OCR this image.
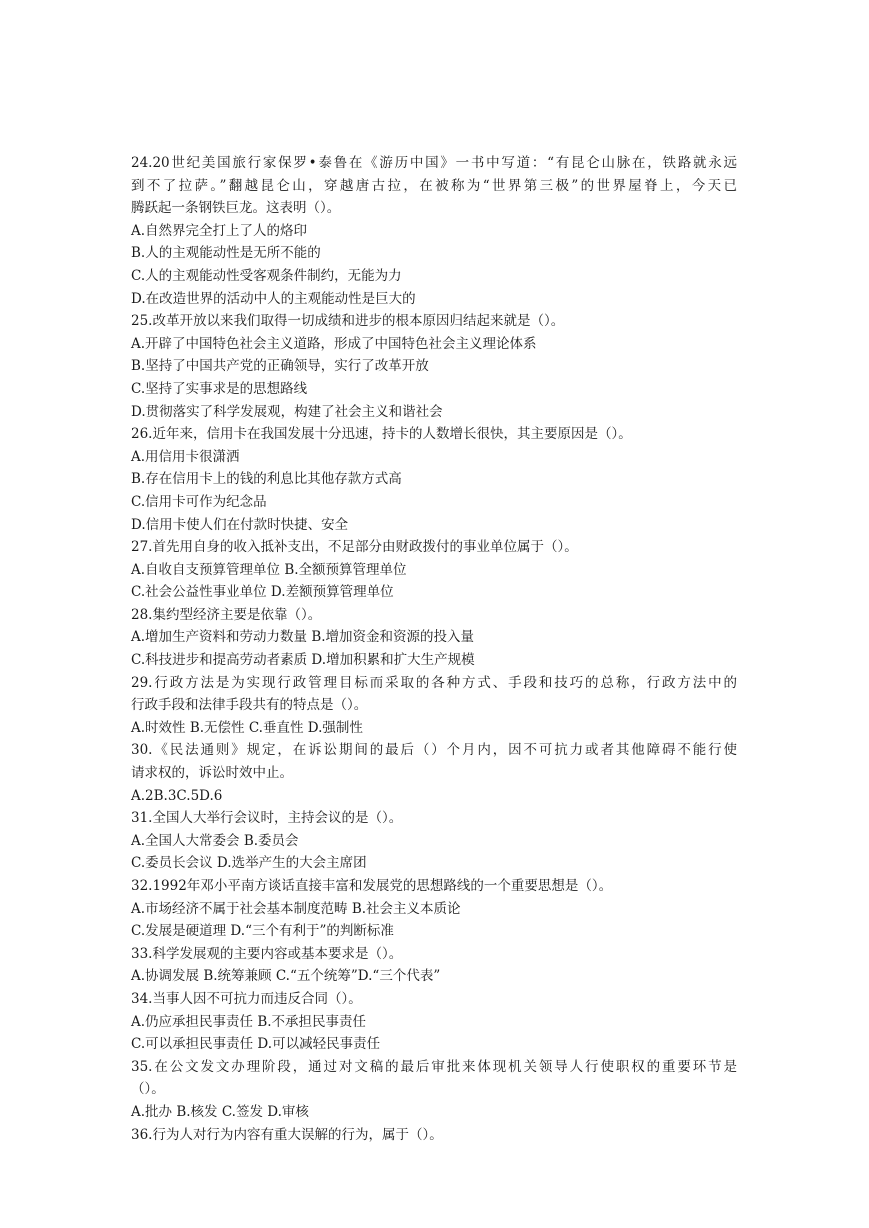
24.20世纪美国旅行家保罗•泰鲁在《游历中国》一书中写道：“有昆仑山脉在，铁路就永远
到不了拉萨。”翻越昆仑山，穿越唐古拉，在被称为“世界第三极”的世界屋脊上，今天已
腾跃起一条钢铁巨龙。这表明（）。
A.自然界完全打上了人的烙印
B.人的主观能动性是无所不能的
C.人的主观能动性受客观条件制约，无能为力
D.在改造世界的活动中人的主观能动性是巨大的
25.改革开放以来我们取得一切成绩和进步的根本原因归结起来就是（）。
A.开辟了中国特色社会主义道路，形成了中国特色社会主义理论体系
B.坚持了中国共产党的正确领导，实行了改革开放
C.坚持了实事求是的思想路线
D.贯彻落实了科学发展观，构建了社会主义和谐社会
26.近年来，信用卡在我国发展十分迅速，持卡的人数增长很快，其主要原因是（）。
A.用信用卡很潇洒
B.存在信用卡上的钱的利息比其他存款方式高
C.信用卡可作为纪念品
D.信用卡使人们在付款时快捷、安全
27.首先用自身的收入抵补支出，不足部分由财政拨付的事业单位属于（）。
A.自收自支预算管理单位 B.全额预算管理单位
C.社会公益性事业单位 D.差额预算管理单位
28.集约型经济主要是依靠（）。
A.增加生产资料和劳动力数量 B.增加资金和资源的投入量
C.科技进步和提高劳动者素质 D.增加积累和扩大生产规模
29.行政方法是为实现行政管理目标而采取的各种方式、手段和技巧的总称，行政方法中的
行政手段和法律手段共有的特点是（）。
A.时效性 B.无偿性 C.垂直性 D.强制性
30.《民法通则》规定，在诉讼期间的最后（）个月内，因不可抗力或者其他障碍不能行使
请求权的，诉讼时效中止。
A.2B.3C.5D.6
31.全国人大举行会议时，主持会议的是（）。
A.全国人大常委会 B.委员会
C.委员长会议 D.选举产生的大会主席团
32.1992年邓小平南方谈话直接丰富和发展党的思想路线的一个重要思想是（）。
A.市场经济不属于社会基本制度范畴 B.社会主义本质论
C.发展是硬道理 D.“三个有利于”的判断标准
33.科学发展观的主要内容或基本要求是（）。
A.协调发展 B.统筹兼顾 C.“五个统筹”D.“三个代表”
34.当事人因不可抗力而违反合同（）。
A.仍应承担民事责任 B.不承担民事责任
C.可以承担民事责任 D.可以减轻民事责任
35.在公文发文办理阶段，通过对文稿的最后审批来体现机关领导人行使职权的重要环节是
（）。
A.批办 B.核发 C.签发 D.审核
36.行为人对行为内容有重大误解的行为，属于（）。
